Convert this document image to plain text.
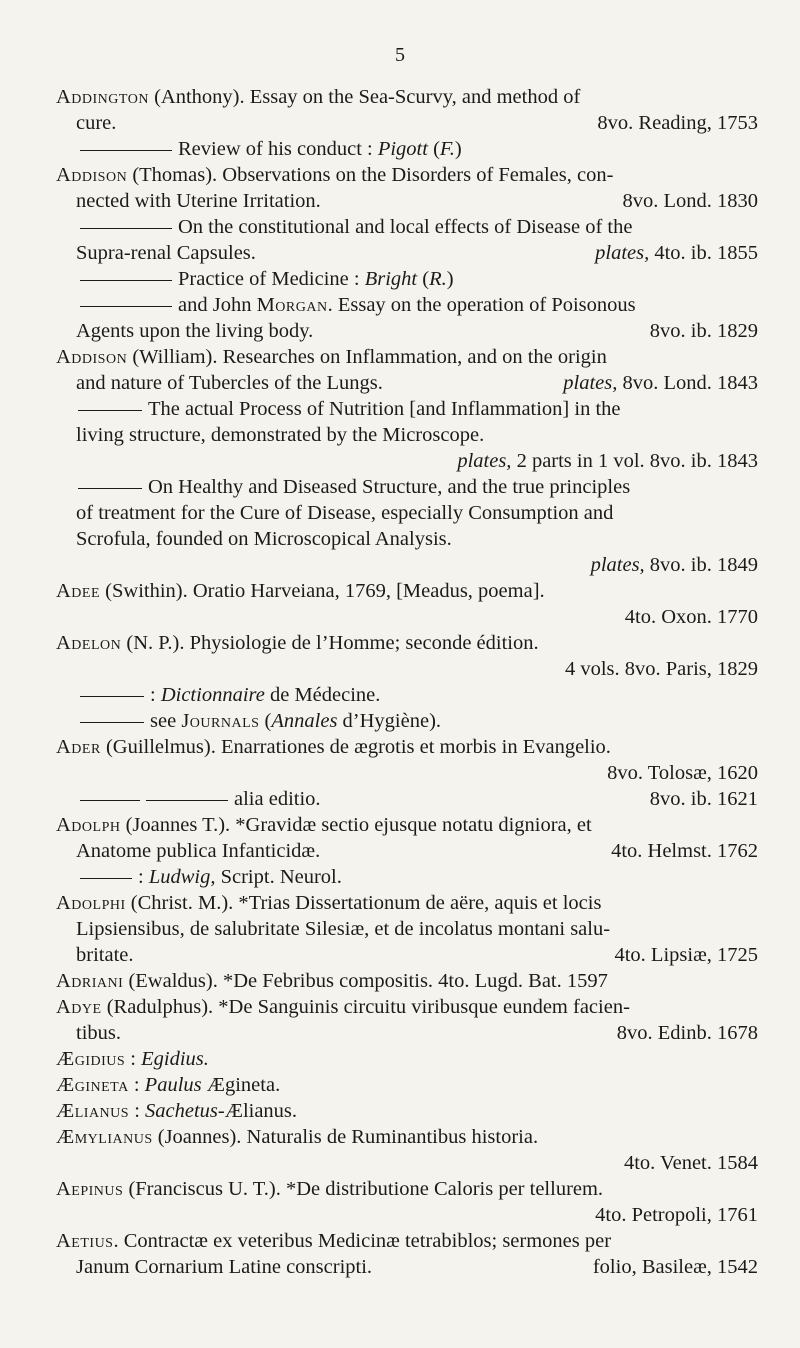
5
Addington (Anthony). Essay on the Sea-Scurvy, and method of
cure.	8vo. Reading, 1753
Review of his conduct : Pigott (F.)
Addison (Thomas). Observations on the Disorders of Females, con-
nected with Uterine Irritation.	8vo. Lond. 1830
On the constitutional and local effects of Disease of the
Supra-renal Capsules.	plates, 4to. ib. 1855
Practice of Medicine : Bright (R.)
and John Morgan. Essay on the operation of Poisonous
Agents upon the living body.	8vo. ib. 1829
Addison (William). Researches on Inflammation, and on the origin
and nature of Tubercles of the Lungs.	plates, 8vo. Lond. 1843
The actual Process of Nutrition [and Inflammation] in the
living structure, demonstrated by the Microscope.
plates, 2 parts in 1 vol. 8vo. ib. 1843
On Healthy and Diseased Structure, and the true principles
of treatment for the Cure of Disease, especially Consumption and
Scrofula, founded on Microscopical Analysis.
plates, 8vo. ib. 1849
Adee (Swithin). Oratio Harveiana, 1769, [Meadus, poema].
4to. Oxon. 1770
Adelon (N. P.). Physiologie de l’Homme; seconde édition.
4 vols. 8vo. Paris, 1829
: Dictionnaire de Médecine.
see Journals (Annales d’Hygiène).
Ader (Guillelmus). Enarrationes de ægrotis et morbis in Evangelio.
8vo. Tolosæ, 1620
alia editio.	8vo. ib. 1621
Adolph (Joannes T.). *Gravidæ sectio ejusque notatu digniora, et
Anatome publica Infanticidæ.	4to. Helmst. 1762
: Ludwig, Script. Neurol.
Adolphi (Christ. M.). *Trias Dissertationum de aëre, aquis et locis
Lipsiensibus, de salubritate Silesiæ, et de incolatus montani salu-
britate.	4to. Lipsiæ, 1725
Adriani (Ewaldus). *De Febribus compositis. 4to. Lugd. Bat. 1597
Adye (Radulphus). *De Sanguinis circuitu viribusque eundem facien-
tibus.	8vo. Edinb. 1678
Ægidius : Egidius.
Ægineta : Paulus Ægineta.
Ælianus : Sachetus-Ælianus.
Æmylianus (Joannes). Naturalis de Ruminantibus historia.
4to. Venet. 1584
Aepinus (Franciscus U. T.). *De distributione Caloris per tellurem.
4to. Petropoli, 1761
Aetius. Contractæ ex veteribus Medicinæ tetrabiblos; sermones per
Janum Cornarium Latine conscripti.	folio, Basileæ, 1542
